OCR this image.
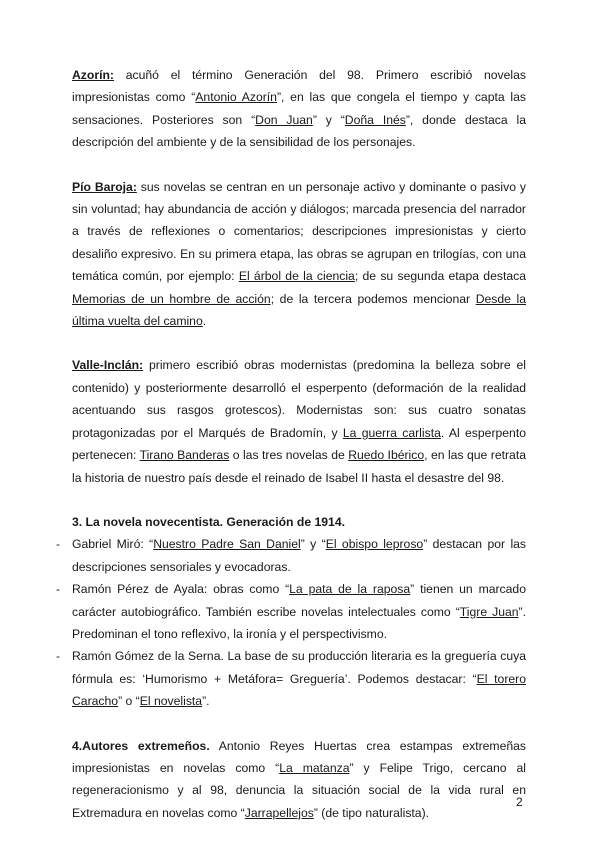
Azorín: acuñó el término Generación del 98. Primero escribió novelas impresionistas como “Antonio Azorín”, en las que congela el tiempo y capta las sensaciones. Posteriores son “Don Juan” y “Doña Inés”, donde destaca la descripción del ambiente y de la sensibilidad de los personajes.

Pío Baroja: sus novelas se centran en un personaje activo y dominante o pasivo y sin voluntad; hay abundancia de acción y diálogos; marcada presencia del narrador a través de reflexiones o comentarios; descripciones impresionistas y cierto desaliño expresivo. En su primera etapa, las obras se agrupan en trilogías, con una temática común, por ejemplo: El árbol de la ciencia; de su segunda etapa destaca Memorias de un hombre de acción; de la tercera podemos mencionar Desde la última vuelta del camino.

Valle-Inclán: primero escribió obras modernistas (predomina la belleza sobre el contenido) y posteriormente desarrolló el esperpento (deformación de la realidad acentuando sus rasgos grotescos). Modernistas son: sus cuatro sonatas protagonizadas por el Marqués de Bradomín, y La guerra carlista. Al esperpento pertenecen: Tirano Banderas o las tres novelas de Ruedo Ibérico, en las que retrata la historia de nuestro país desde el reinado de Isabel II hasta el desastre del 98.

3. La novela novecentista. Generación de 1914.

- Gabriel Miró: “Nuestro Padre San Daniel” y “El obispo leproso” destacan por las descripciones sensoriales y evocadoras.
- Ramón Pérez de Ayala: obras como “La pata de la raposa” tienen un marcado carácter autobiográfico. También escribe novelas intelectuales como “Tigre Juan”. Predominan el tono reflexivo, la ironía y el perspectivismo.
- Ramón Gómez de la Serna. La base de su producción literaria es la greguería cuya fórmula es: ‘Humorismo + Metáfora= Greguería’. Podemos destacar: “El torero Caracho” o “El novelista”.

4.Autores extremeños. Antonio Reyes Huertas crea estampas extremeñas impresionistas en novelas como “La matanza” y Felipe Trigo, cercano al regeneracionismo y al 98, denuncia la situación social de la vida rural en Extremadura en novelas como “Jarrapellejos” (de tipo naturalista).

2
